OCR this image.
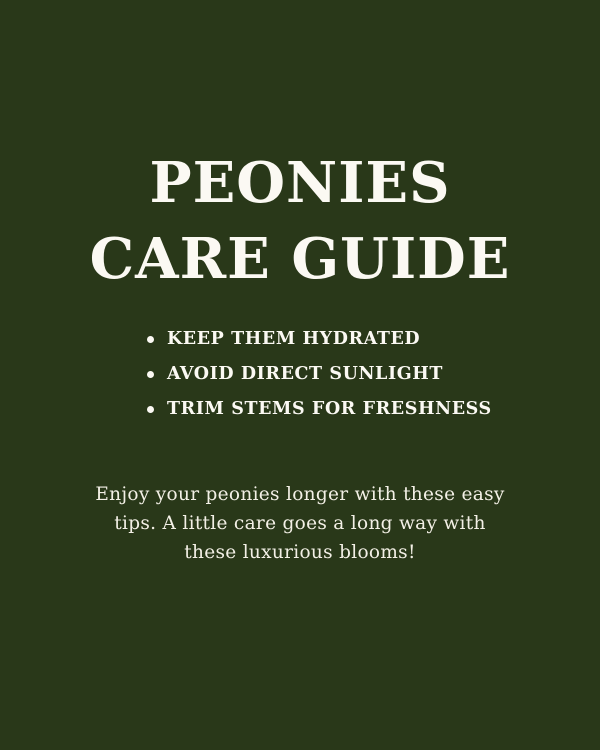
PEONIES
CARE GUIDE
KEEP THEM HYDRATED
AVOID DIRECT SUNLIGHT
TRIM STEMS FOR FRESHNESS

Enjoy your peonies longer with these easy tips. A little care goes a long way with these luxurious blooms!
